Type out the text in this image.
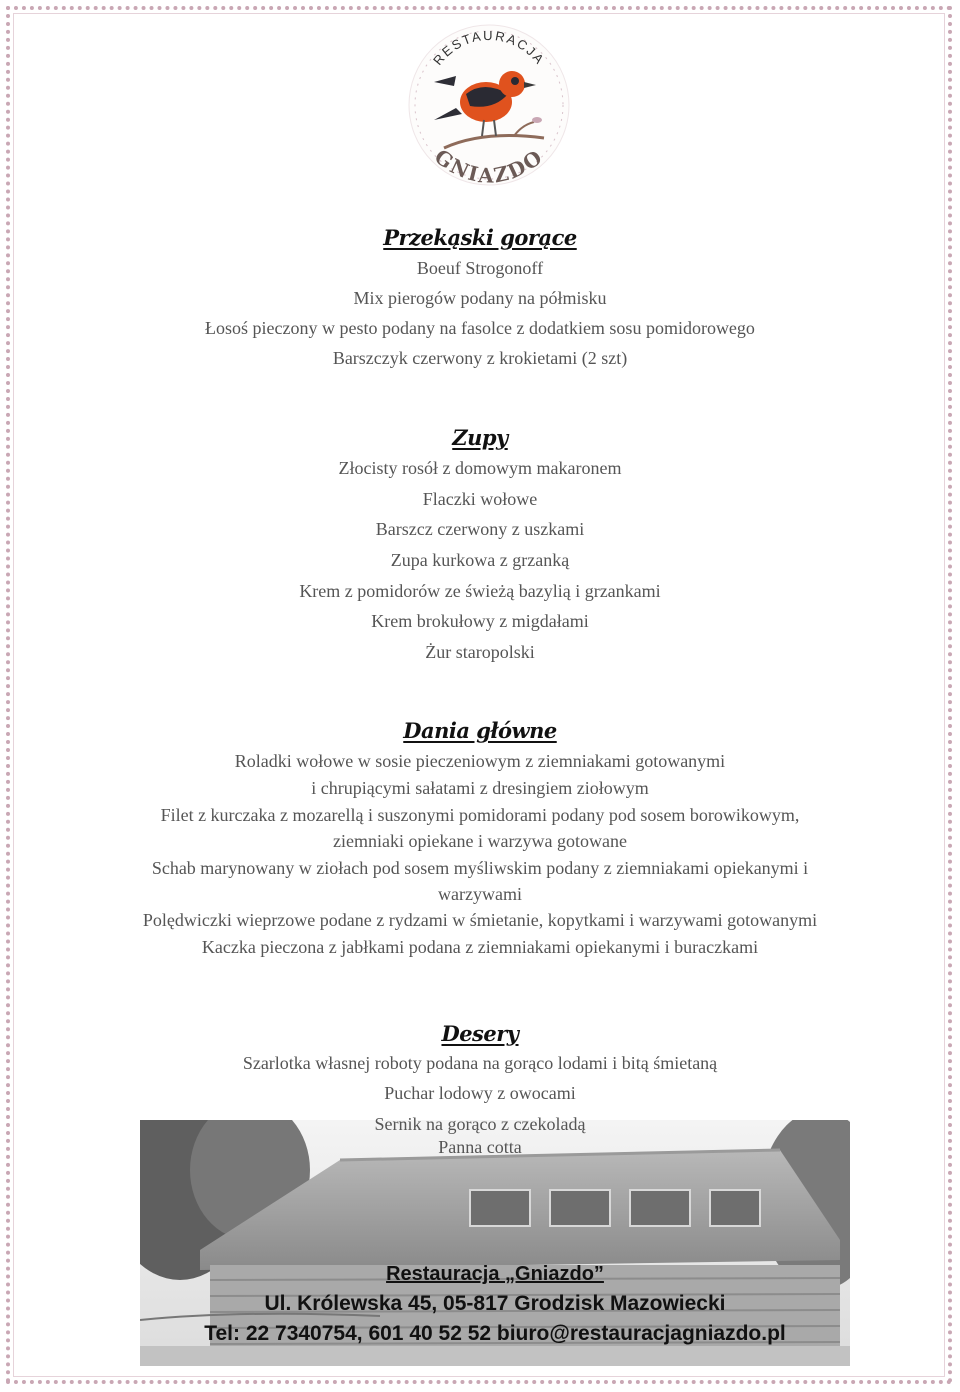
RESTAURACJA
GNIAZDO
Przekąski gorące
Boeuf Strogonoff
Mix pierogów podany na półmisku
Łosoś pieczony w pesto podany na fasolce z dodatkiem sosu pomidorowego
Barszczyk czerwony z krokietami (2 szt)
Zupy
Złocisty rosół z domowym makaronem
Flaczki wołowe
Barszcz czerwony z uszkami
Zupa kurkowa z grzanką
Krem z pomidorów ze świeżą bazylią i grzankami
Krem brokułowy z migdałami
Żur staropolski
Dania główne
Roladki wołowe w sosie pieczeniowym z ziemniakami gotowanymi
i chrupiącymi sałatami z dresingiem ziołowym
Filet z kurczaka z mozarellą i suszonymi pomidorami podany pod sosem borowikowym,
ziemniaki opiekane i warzywa gotowane
Schab marynowany w ziołach pod sosem myśliwskim podany z ziemniakami opiekanymi i
warzywami
Polędwiczki wieprzowe podane z rydzami w śmietanie, kopytkami i warzywami gotowanymi
Kaczka pieczona z jabłkami podana z ziemniakami opiekanymi i buraczkami
Desery
Szarlotka własnej roboty podana na gorąco lodami i bitą śmietaną
Puchar lodowy z owocami
Sernik na gorąco z czekoladą
Panna cotta
Restauracja „Gniazdo”
Ul. Królewska 45, 05-817 Grodzisk Mazowiecki
Tel: 22 7340754, 601 40 52 52 biuro@restauracjagniazdo.pl
